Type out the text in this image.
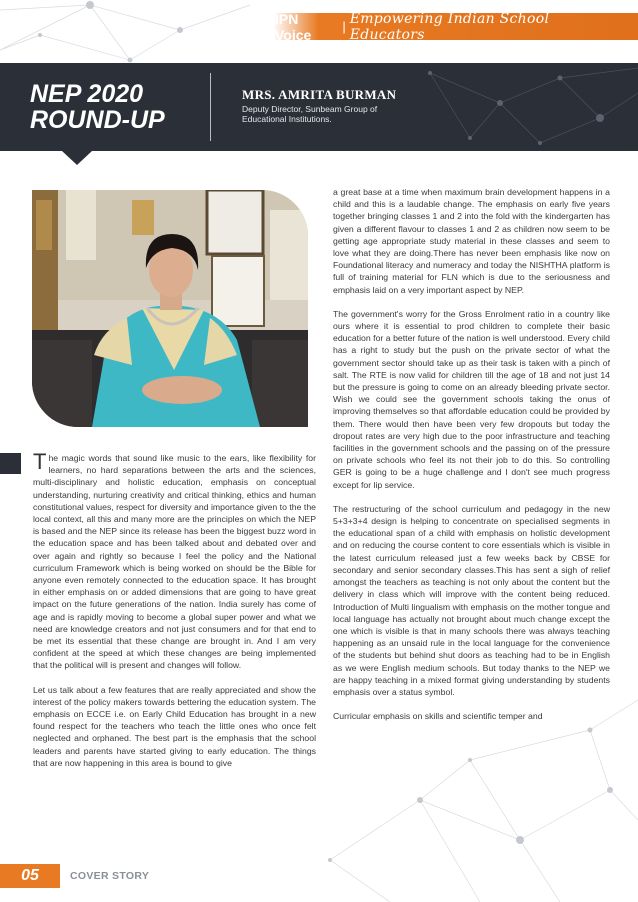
IPN Voice	| Empowering Indian School Educators
NEP 2020
ROUND-UP
MRS. AMRITA BURMAN
Deputy Director, Sunbeam Group of Educational Institutions.

The magic words that sound like music to the ears, like flexibility for learners, no hard separations between the arts and the sciences, multi-disciplinary and holistic education, emphasis on conceptual understanding, nurturing creativity and critical thinking, ethics and human constitutional values, respect for diversity and importance given to the the local context, all this and many more are the principles on which the NEP is based and the NEP since its release has been the biggest buzz word in the education space and has been talked about and debated over and over again and rightly so because I feel the policy and the National curriculum Framework which is being worked on should be the Bible for anyone even remotely connected to the education space. It has brought in either emphasis on or added dimensions that are going to have great impact on the future generations of the nation. India surely has come of age and is rapidly moving to become a global super power and what we need are knowledge creators and not just consumers and for that end to be met its essential that these change are brought in. And I am very confident at the speed at which these changes are being implemented that the political will is present and changes will follow.

Let us talk about a few features that are really appreciated and show the interest of the policy makers towards bettering the education system. The emphasis on ECCE i.e. on Early Child Education has brought in a new found respect for the teachers who teach the little ones who once felt neglected and orphaned. The best part is the emphasis that the school leaders and parents have started giving to early education. The things that are now happening in this area is bound to give

a great base at a time when maximum brain development happens in a child and this is a laudable change. The emphasis on early five years together bringing classes 1 and 2 into the fold with the kindergarten has given a different flavour to classes 1 and 2 as children now seem to be getting age appropriate study material in these classes and seem to love what they are doing.There has never been emphasis like now on Foundational literacy and numeracy and today the NISHTHA platform is full of training material for FLN which is due to the seriousness and emphasis laid on a very important aspect by NEP.

The government's worry for the Gross Enrolment ratio in a country like ours where it is essential to prod children to complete their basic education for a better future of the nation is well understood. Every child has a right to study but the push on the private sector of what the government sector should take up as their task is taken with a pinch of salt. The RTE is now valid for children till the age of 18 and not just 14 but the pressure is going to come on an already bleeding private sector. Wish we could see the government schools taking the onus of improving themselves so that affordable education could be provided by them. There would then have been very few dropouts but today the dropout rates are very high due to the poor infrastructure and teaching facilities in the government schools and the passing on of the pressure on private schools who feel its not their job to do this. So controlling GER is going to be a huge challenge and I don't see much progress except for lip service.

The restructuring of the school curriculum and pedagogy in the new 5+3+3+4 design is helping to concentrate on specialised segments in the educational span of a child with emphasis on holistic development and on reducing the course content to core essentials which is visible in the latest curriculum released just a few weeks back by CBSE for secondary and senior secondary classes.This has sent a sigh of relief amongst the teachers as teaching is not only about the content but the delivery in class which will improve with the content being reduced. Introduction of Multi lingualism with emphasis on the mother tongue and local language has actually not brought about much change except the one which is visible is that in many schools there was always teaching happening as an unsaid rule in the local language for the convenience of the students but behind shut doors as teaching had to be in English as we were English medium schools. But today thanks to the NEP we are happy teaching in a mixed format giving understanding by students emphasis over a status symbol.

Curricular emphasis on skills and scientific temper and

05	COVER STORY
